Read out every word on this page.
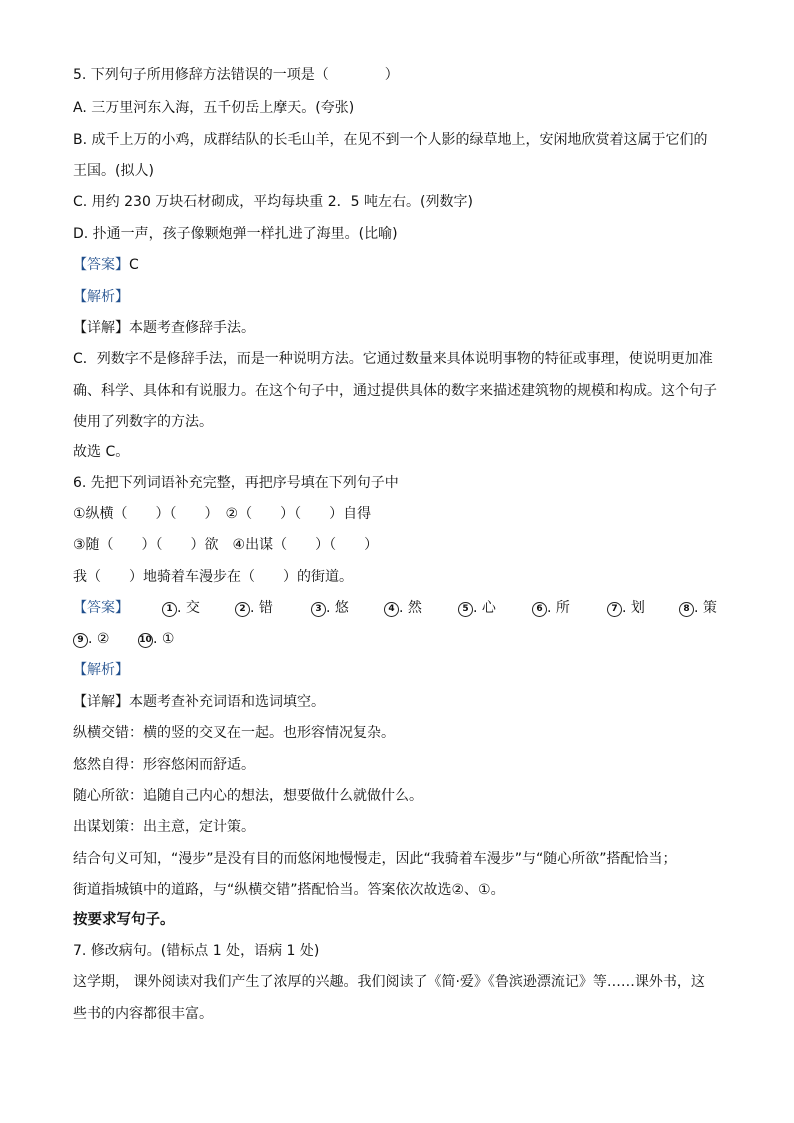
5. 下列句子所用修辞方法错误的一项是（　　　　）
A. 三万里河东入海，五千仞岳上摩天。(夸张)
B. 成千上万的小鸡，成群结队的长毛山羊，在见不到一个人影的绿草地上，安闲地欣赏着这属于它们的
王国。(拟人)
C. 用约 230 万块石材砌成，平均每块重 2．5 吨左右。(列数字)
D. 扑通一声，孩子像颗炮弹一样扎进了海里。(比喻)
【答案】C
【解析】
【详解】本题考查修辞手法。
C．列数字不是修辞手法，而是一种说明方法。它通过数量来具体说明事物的特征或事理，使说明更加准
确、科学、具体和有说服力。在这个句子中，通过提供具体的数字来描述建筑物的规模和构成。这个句子
使用了列数字的方法。
故选 C。
6. 先把下列词语补充完整，再把序号填在下列句子中
①纵横（　　）（　　）　②（　　）（　　）自得
③随（　　）（　　）欲　④出谋（　　）（　　）
我（　　）地骑着车漫步在（　　）的街道。
【答案】	1 . 交	2 . 错	3 . 悠	4 . 然	5 . 心	6 . 所	7 . 划	8 . 策
9 . ②	10. ①
【解析】
【详解】本题考查补充词语和选词填空。
纵横交错：横的竖的交叉在一起。也形容情况复杂。
悠然自得：形容悠闲而舒适。
随心所欲：追随自己内心的想法，想要做什么就做什么。
出谋划策：出主意，定计策。
结合句义可知，“漫步”是没有目的而悠闲地慢慢走，因此“我骑着车漫步”与“随心所欲”搭配恰当；
街道指城镇中的道路，与“纵横交错”搭配恰当。答案依次故选②、①。
按要求写句子。
7. 修改病句。(错标点 1 处，语病 1 处)
这学期， 课外阅读对我们产生了浓厚的兴趣。我们阅读了《简·爱》《鲁滨逊漂流记》等……课外书，这
些书的内容都很丰富。
